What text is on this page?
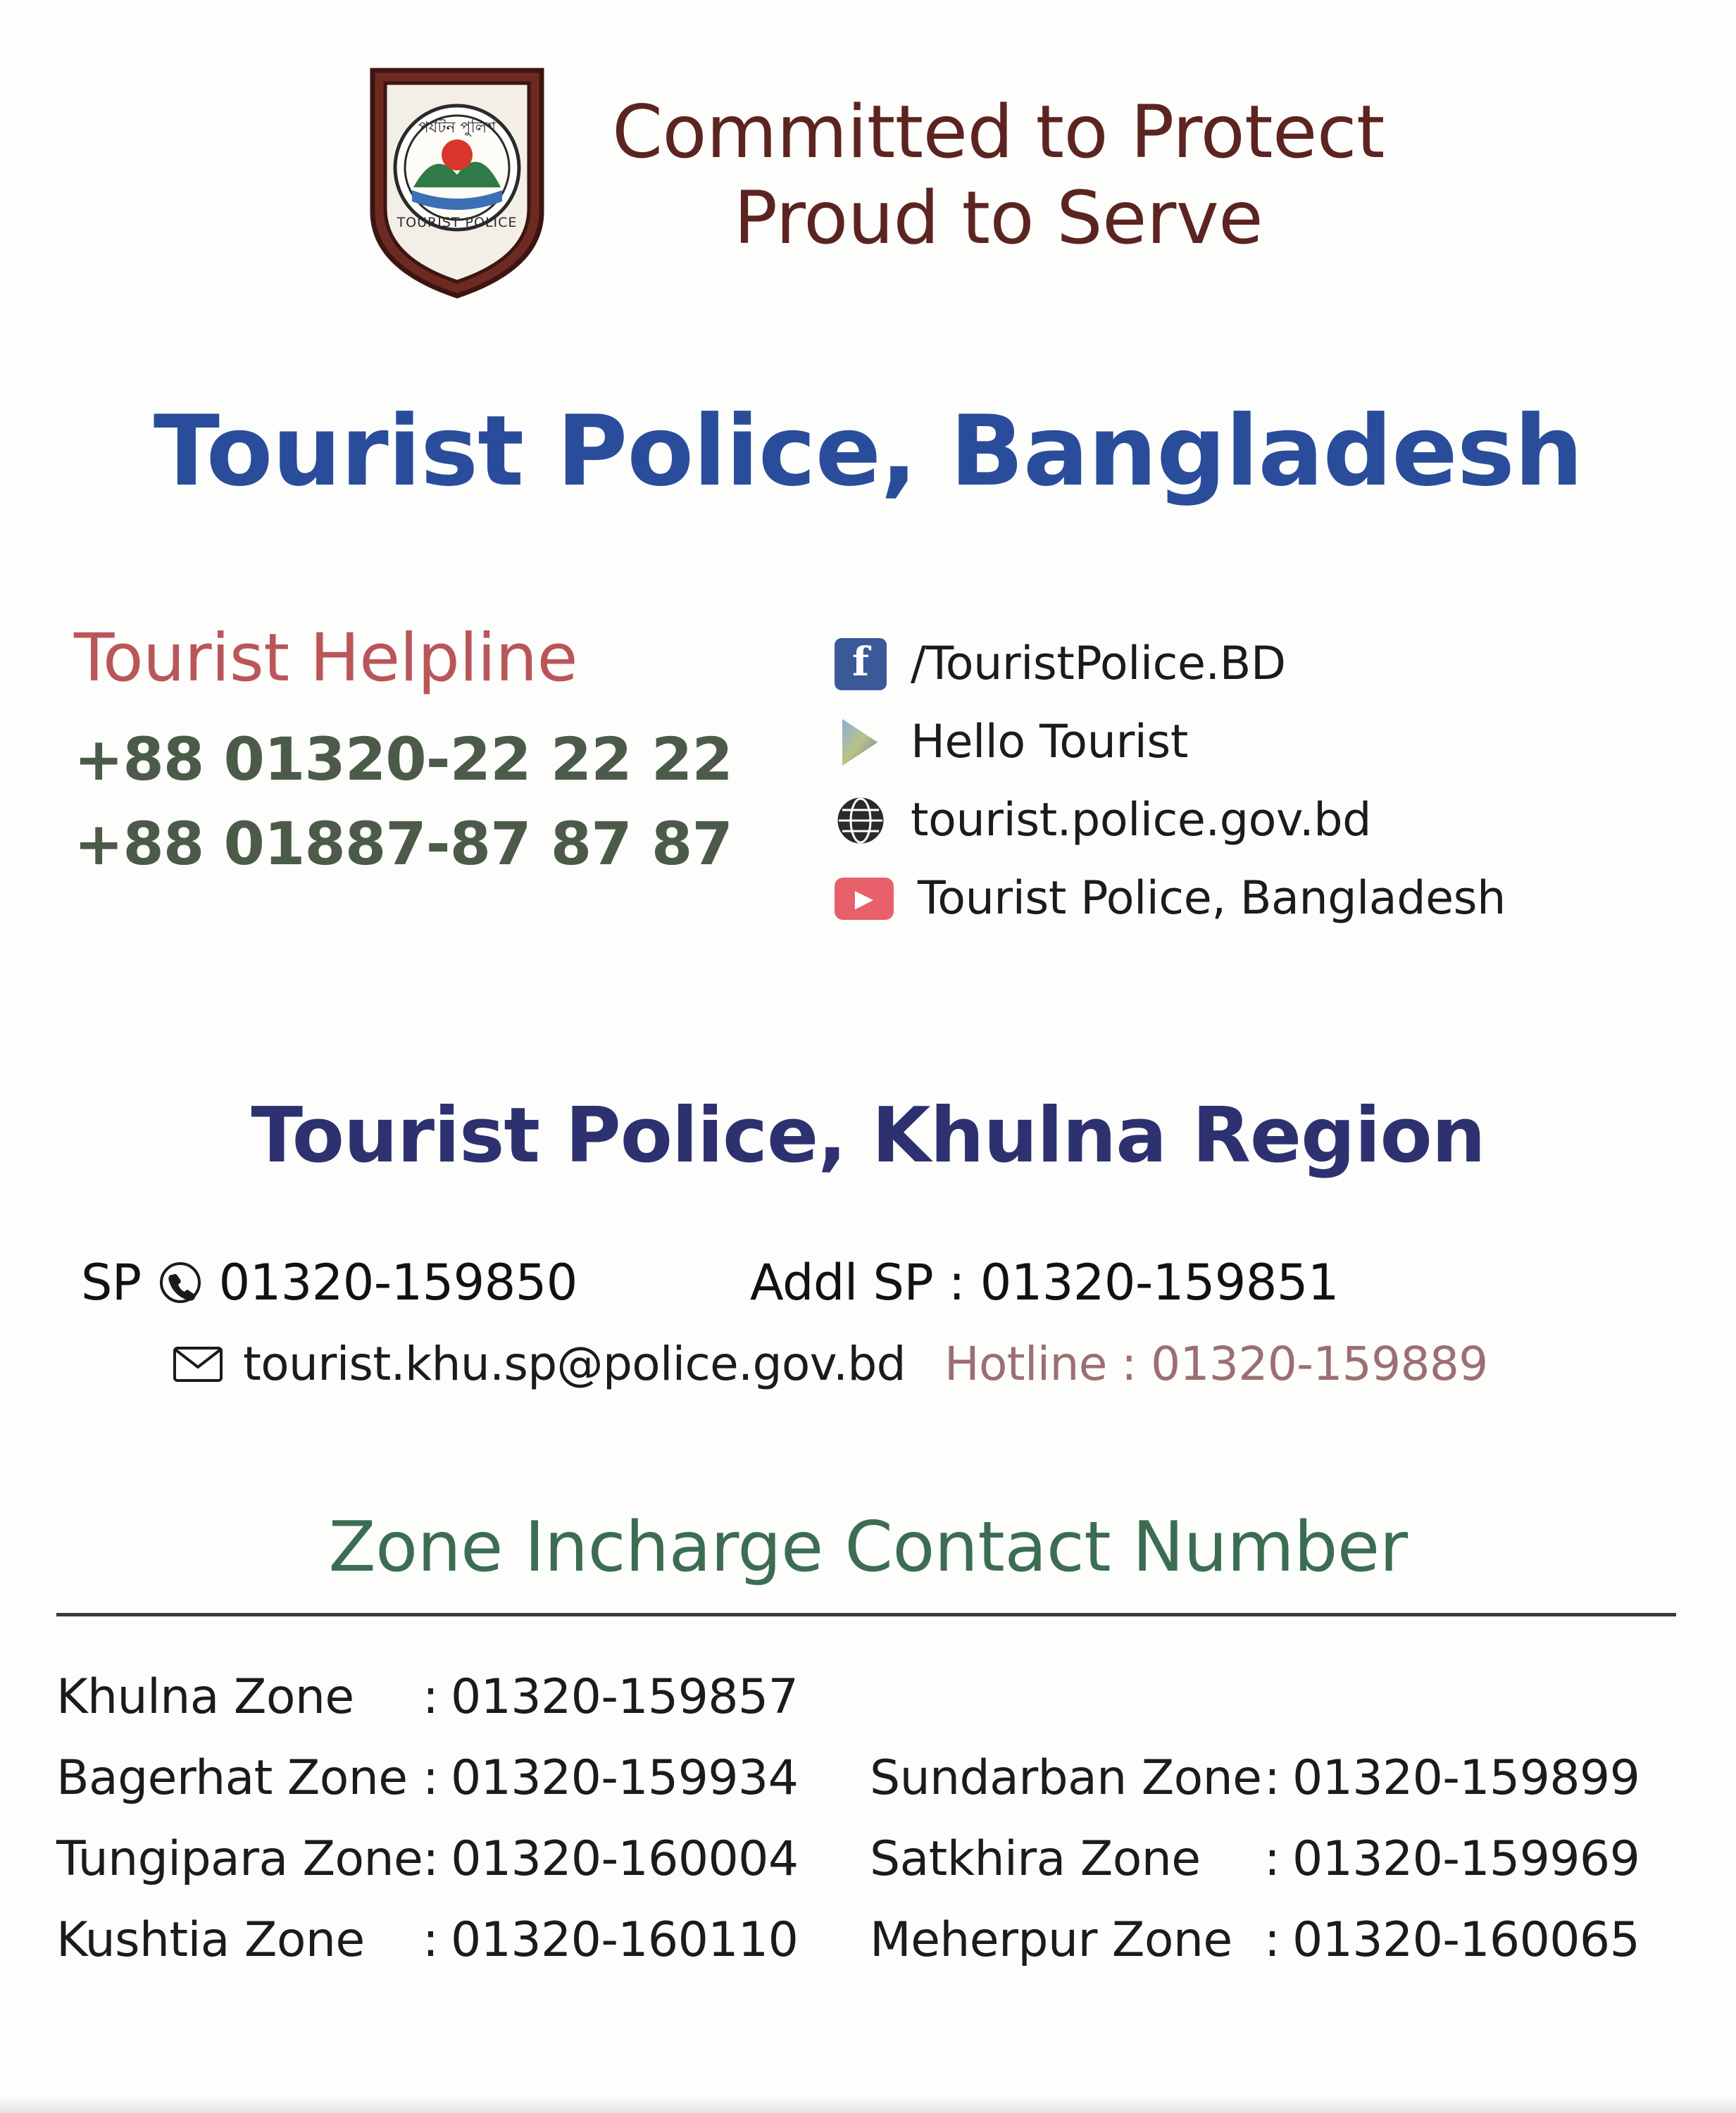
পর্যটন পুলিশ
TOURIST POLICE
Proud
Committed to Protect
Proud to Serve
Tourist Police, Bangladesh
Tourist Helpline
+88 01320-22 22 22
+88 01887-87 87 87
f /TouristPolice.BD
Hello Tourist
tourist.police.gov.bd
▶ Tourist Police, Bangladesh
Tourist Police, Khulna Region
SP 01320-159850	Addl SP : 01320-159851
tourist.khu.sp@police.gov.bd Hotline : 01320-159889
Zone Incharge Contact Number
Khulna Zone	: 01320-159857
Bagerhat Zone : 01320-159934 Sundarban Zone : 01320-159899
Tungipara Zone : 01320-160004 Satkhira Zone	: 01320-159969
Kushtia Zone	: 01320-160110 Meherpur Zone : 01320-160065
